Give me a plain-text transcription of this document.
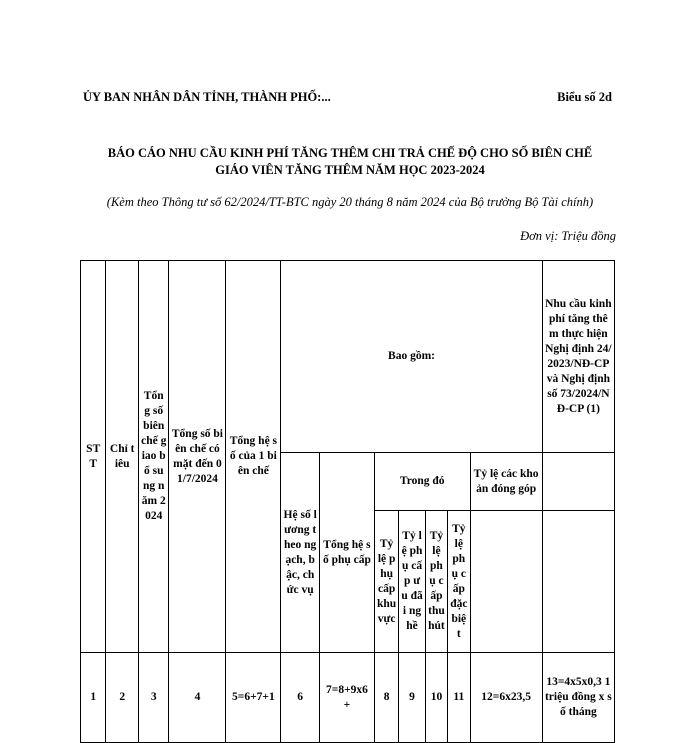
ỦY BAN NHÂN DÂN TỈNH, THÀNH PHỐ:...	Biểu số 2d
BÁO CÁO NHU CẦU KINH PHÍ TĂNG THÊM CHI TRẢ CHẾ ĐỘ CHO SỐ BIÊN CHẾ
GIÁO VIÊN TĂNG THÊM NĂM HỌC 2023-2024
(Kèm theo Thông tư số 62/2024/TT-BTC ngày 20 tháng 8 năm 2024 của Bộ trưởng Bộ Tài chính)
Đơn vị: Triệu đồng
STT	Chỉ tiêu	Tổng số biên chế giao bổ sung năm 2024	Tổng số biên chế có mặt đến 01/7/2024	Tổng hệ số của 1 biên chế	Bao gồm:							Nhu cầu kinh phí tăng thêm thực hiện Nghị định 24/2023/NĐ-CP và Nghị định số 73/2024/NĐ-CP (1)
					Hệ số lương theo ngạch, bậc, chức vụ	Tổng hệ số phụ cấp	Trong đó				Tỷ lệ các khoản đóng góp	
							Tỷ lệ phụ cấp khu vực	Tỷ lệ phụ cấp ưu đãi nghề	Tỷ lệ phụ cấp thu hút	Tỷ lệ phụ cấp đặc biệt		
1	2	3	4	5=6+7+1	6	7=8+9x6 +	8	9	10	11	12=6x23,5	13=4x5x0,3 1 triệu đồng x số tháng
